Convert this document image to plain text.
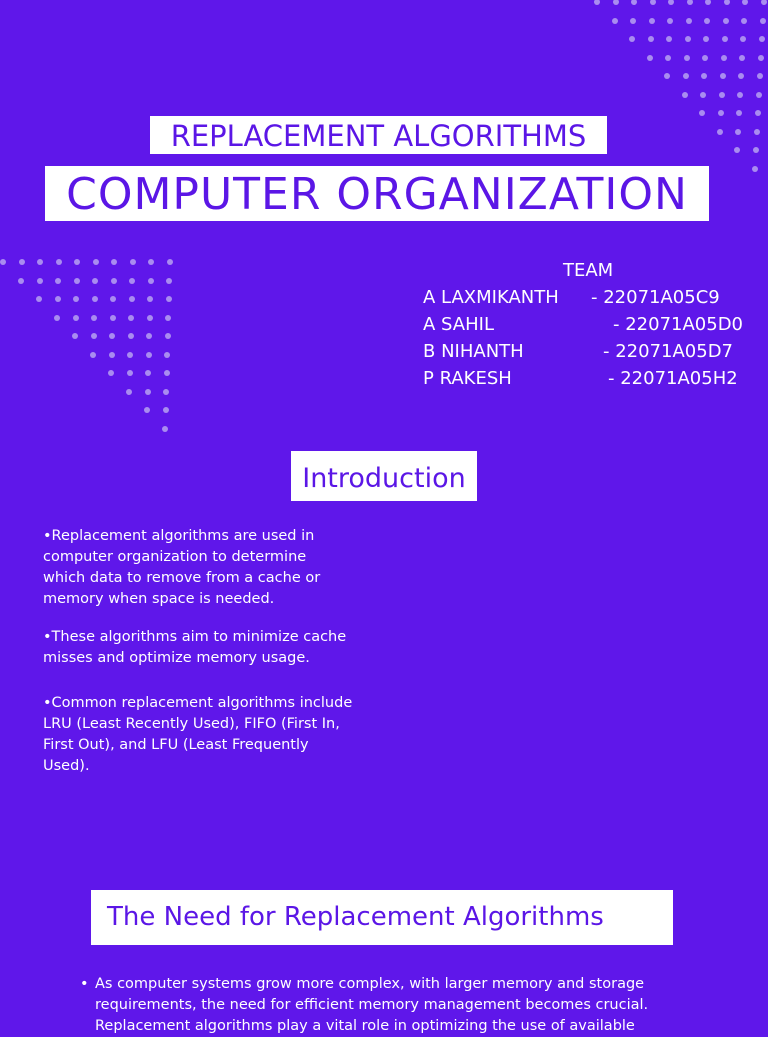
REPLACEMENT ALGORITHMS
COMPUTER ORGANIZATION
TEAM
A LAXMIKANTH - 22071A05C9
A SAHIL	- 22071A05D0
B NIHANTH	- 22071A05D7
P RAKESH	- 22071A05H2
Introduction
•Replacement algorithms are used in computer organization to determine which data to remove from a cache or memory when space is needed.
•These algorithms aim to minimize cache misses and optimize memory usage.
•Common replacement algorithms include LRU (Least Recently Used), FIFO (First In, First Out), and LFU (Least Frequently Used).
The Need for Replacement Algorithms
• As computer systems grow more complex, with larger memory and storage requirements, the need for efficient memory management becomes crucial. Replacement algorithms play a vital role in optimizing the use of available
